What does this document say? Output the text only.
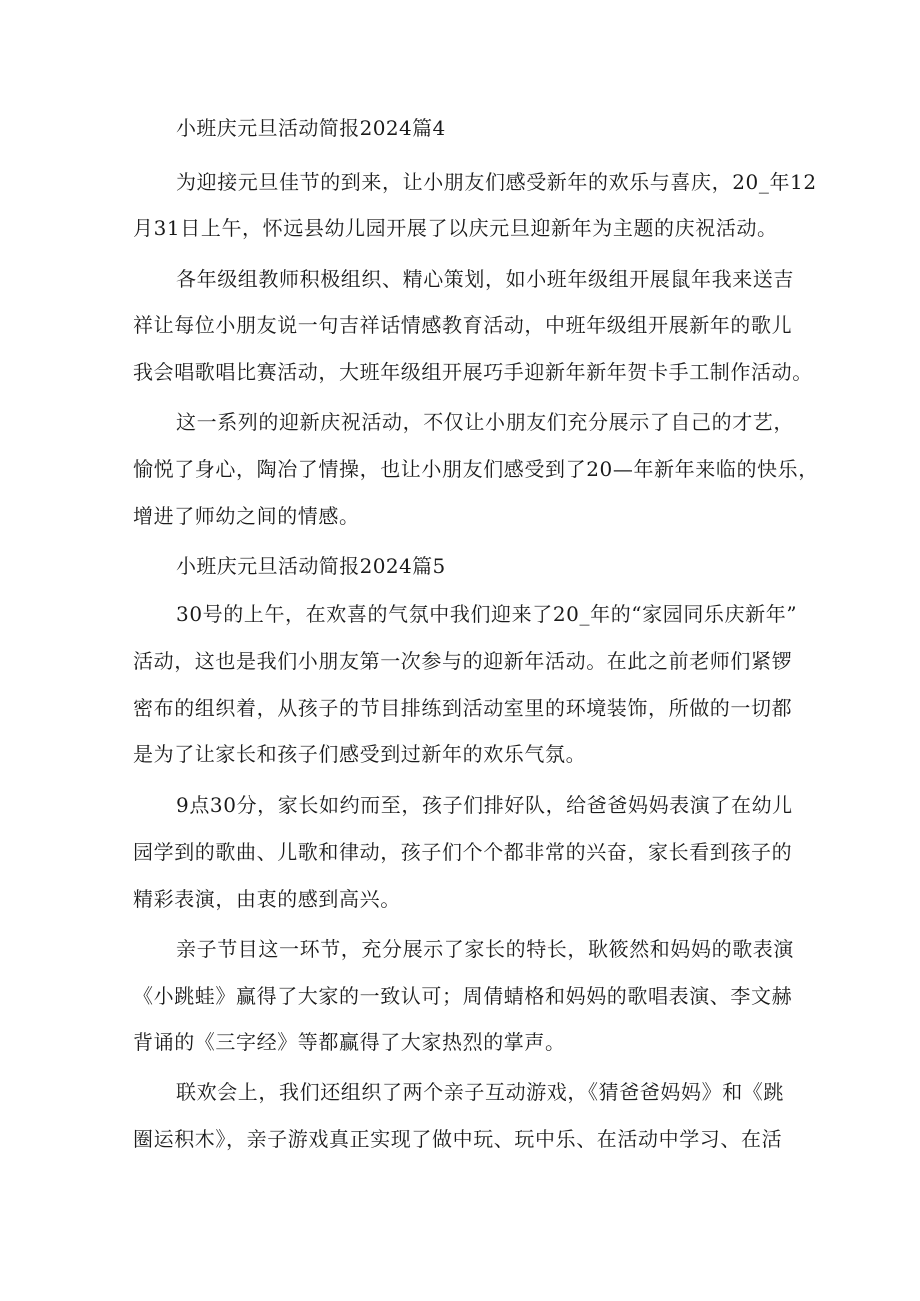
小班庆元旦活动简报2024篇4
为迎接元旦佳节的到来，让小朋友们感受新年的欢乐与喜庆，20_年12
月31日上午，怀远县幼儿园开展了以庆元旦迎新年为主题的庆祝活动。
各年级组教师积极组织、精心策划，如小班年级组开展鼠年我来送吉
祥让每位小朋友说一句吉祥话情感教育活动，中班年级组开展新年的歌儿
我会唱歌唱比赛活动，大班年级组开展巧手迎新年新年贺卡手工制作活动。
这一系列的迎新庆祝活动，不仅让小朋友们充分展示了自己的才艺，
愉悦了身心，陶冶了情操，也让小朋友们感受到了20—年新年来临的快乐，
增进了师幼之间的情感。
小班庆元旦活动简报2024篇5
30号的上午，在欢喜的气氛中我们迎来了20_年的“家园同乐庆新年”
活动，这也是我们小朋友第一次参与的迎新年活动。在此之前老师们紧锣
密布的组织着，从孩子的节目排练到活动室里的环境装饰，所做的一切都
是为了让家长和孩子们感受到过新年的欢乐气氛。
9点30分，家长如约而至，孩子们排好队，给爸爸妈妈表演了在幼儿
园学到的歌曲、儿歌和律动，孩子们个个都非常的兴奋，家长看到孩子的
精彩表演，由衷的感到高兴。
亲子节目这一环节，充分展示了家长的特长，耿筱然和妈妈的歌表演
《小跳蛙》赢得了大家的一致认可；周倩蜻格和妈妈的歌唱表演、李文赫
背诵的《三字经》等都赢得了大家热烈的掌声。
联欢会上，我们还组织了两个亲子互动游戏，《猜爸爸妈妈》和《跳
圈运积木》，亲子游戏真正实现了做中玩、玩中乐、在活动中学习、在活
